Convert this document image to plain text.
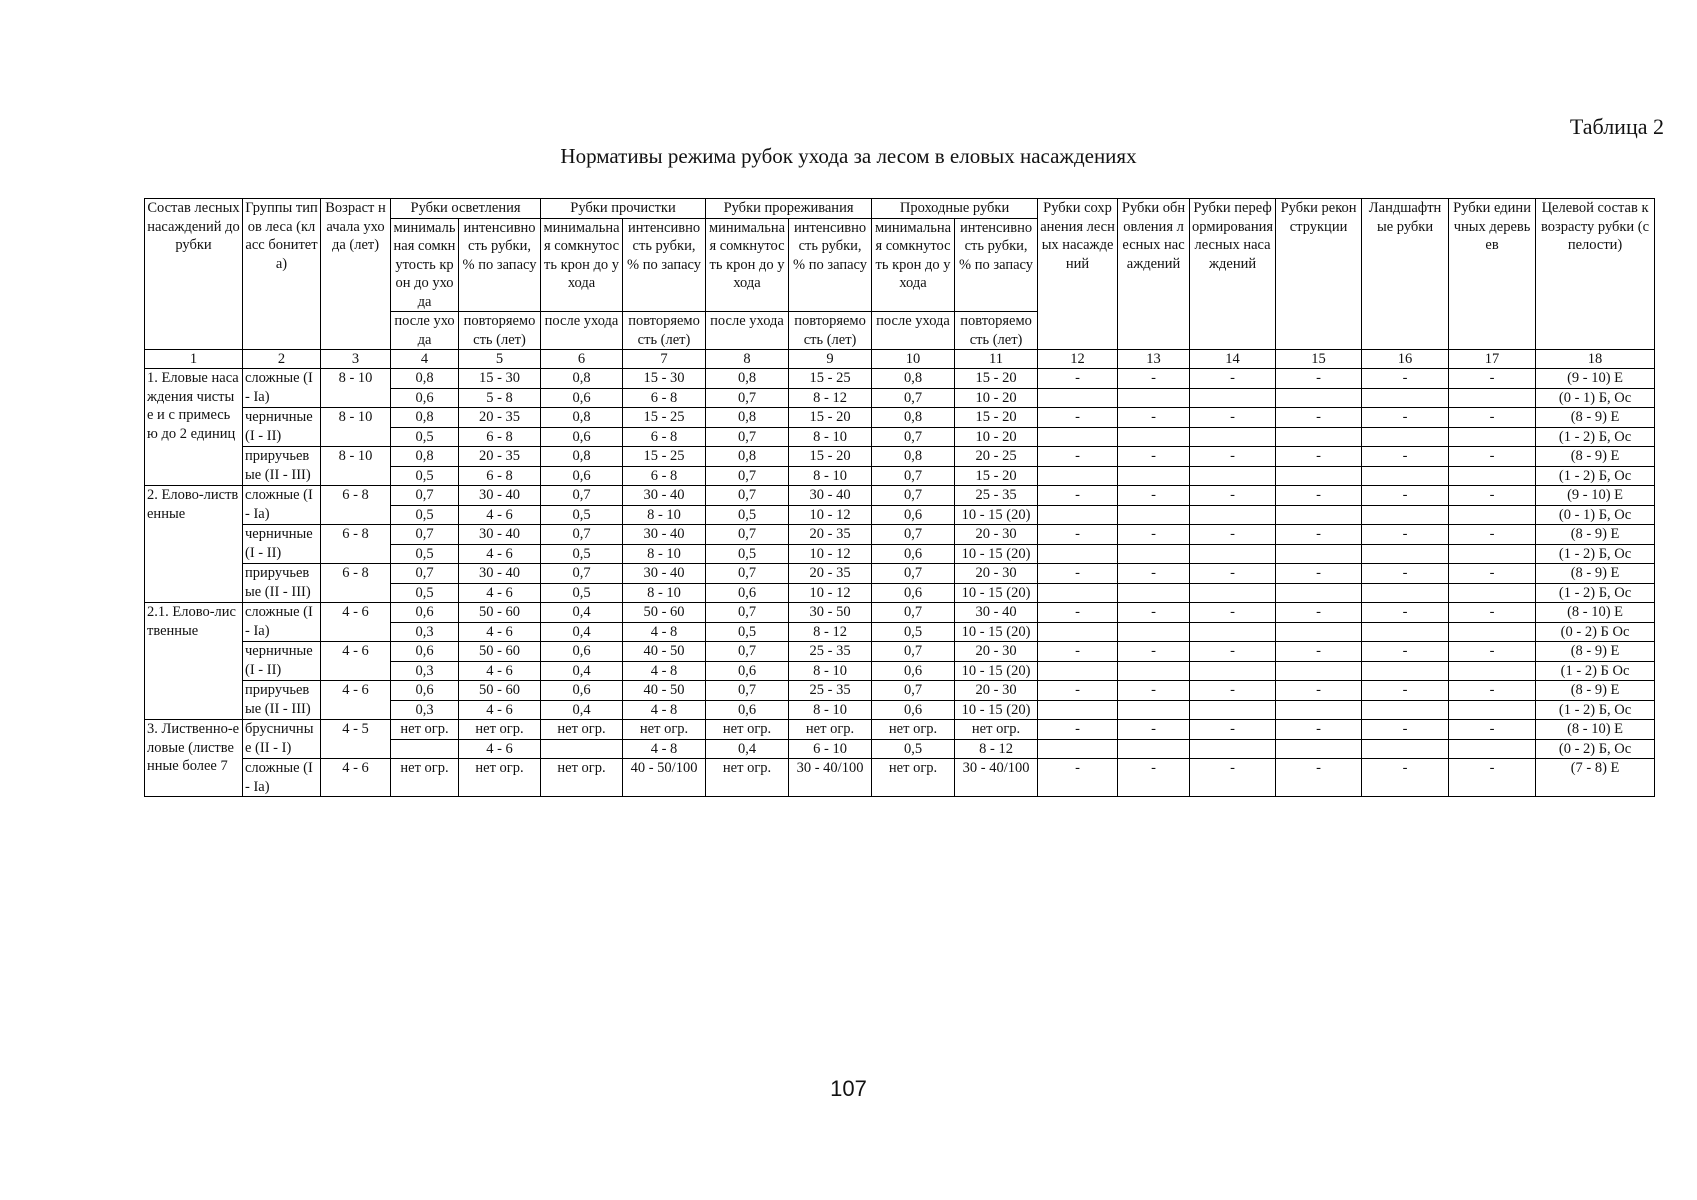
Таблица 2
Нормативы режима рубок ухода за лесом в еловых насаждениях
Состав лесных насаждений до рубки	Группы типов леса (класс бонитета)	Возраст начала ухода (лет)	Рубки осветления		Рубки прочистки		Рубки прореживания		Проходные рубки		Рубки сохранения лесных насаждений	Рубки обновления лесных насаждений	Рубки переформирования лесных насаждений	Рубки реконструкции	Ландшафтные рубки	Рубки единичных деревьев	Целевой состав к возрасту рубки (спелости)
			минимальная сомкнутость крон до ухода	интенсивность рубки, % по запасу	минимальная сомкнутость крон до ухода	интенсивность рубки, % по запасу	минимальная сомкнутость крон до ухода	интенсивность рубки, % по запасу	минимальная сомкнутость крон до ухода	интенсивность рубки, % по запасу							
			после ухода	повторяемость (лет)	после ухода	повторяемость (лет)	после ухода	повторяемость (лет)	после ухода	повторяемость (лет)							
1	2	3	4	5	6	7	8	9	10	11	12	13	14	15	16	17	18
1. Еловые насаждения чистые и с примесью до 2 единиц	сложные (I - Ia)	8 - 10	0,8	15 - 30	0,8	15 - 30	0,8	15 - 25	0,8	15 - 20	-	-	-	-	-	-	(9 - 10) Е
			0,6	5 - 8	0,6	6 - 8	0,7	8 - 12	0,7	10 - 20							(0 - 1) Б, Ос
	черничные (I - II)	8 - 10	0,8	20 - 35	0,8	15 - 25	0,8	15 - 20	0,8	15 - 20	-	-	-	-	-	-	(8 - 9) Е
			0,5	6 - 8	0,6	6 - 8	0,7	8 - 10	0,7	10 - 20							(1 - 2) Б, Ос
	приручьевые (II - III)	8 - 10	0,8	20 - 35	0,8	15 - 25	0,8	15 - 20	0,8	20 - 25	-	-	-	-	-	-	(8 - 9) Е
			0,5	6 - 8	0,6	6 - 8	0,7	8 - 10	0,7	15 - 20							(1 - 2) Б, Ос
2. Елово-лиственные	сложные (I - Ia)	6 - 8	0,7	30 - 40	0,7	30 - 40	0,7	30 - 40	0,7	25 - 35	-	-	-	-	-	-	(9 - 10) Е
			0,5	4 - 6	0,5	8 - 10	0,5	10 - 12	0,6	10 - 15 (20)							(0 - 1) Б, Ос
	черничные (I - II)	6 - 8	0,7	30 - 40	0,7	30 - 40	0,7	20 - 35	0,7	20 - 30	-	-	-	-	-	-	(8 - 9) Е
			0,5	4 - 6	0,5	8 - 10	0,5	10 - 12	0,6	10 - 15 (20)							(1 - 2) Б, Ос
	приручьевые (II - III)	6 - 8	0,7	30 - 40	0,7	30 - 40	0,7	20 - 35	0,7	20 - 30	-	-	-	-	-	-	(8 - 9) Е
			0,5	4 - 6	0,5	8 - 10	0,6	10 - 12	0,6	10 - 15 (20)							(1 - 2) Б, Ос
2.1. Елово-лиственные	сложные (I - Ia)	4 - 6	0,6	50 - 60	0,4	50 - 60	0,7	30 - 50	0,7	30 - 40	-	-	-	-	-	-	(8 - 10) Е
			0,3	4 - 6	0,4	4 - 8	0,5	8 - 12	0,5	10 - 15 (20)							(0 - 2) Б Ос
	черничные (I - II)	4 - 6	0,6	50 - 60	0,6	40 - 50	0,7	25 - 35	0,7	20 - 30	-	-	-	-	-	-	(8 - 9) Е
			0,3	4 - 6	0,4	4 - 8	0,6	8 - 10	0,6	10 - 15 (20)							(1 - 2) Б Ос
	приручьевые (II - III)	4 - 6	0,6	50 - 60	0,6	40 - 50	0,7	25 - 35	0,7	20 - 30	-	-	-	-	-	-	(8 - 9) Е
			0,3	4 - 6	0,4	4 - 8	0,6	8 - 10	0,6	10 - 15 (20)							(1 - 2) Б, Ос
3. Лиственно-еловые (лиственные более 7	брусничные (II - I)	4 - 5	нет огр.	нет огр.	нет огр.	нет огр.	нет огр.	нет огр.	нет огр.	нет огр.	-	-	-	-	-	-	(8 - 10) Е
				4 - 6		4 - 8	0,4	6 - 10	0,5	8 - 12							(0 - 2) Б, Ос
	сложные (I - Ia)	4 - 6	нет огр.	нет огр.	нет огр.	40 - 50/100	нет огр.	30 - 40/100	нет огр.	30 - 40/100	-	-	-	-	-	-	(7 - 8) Е
107
